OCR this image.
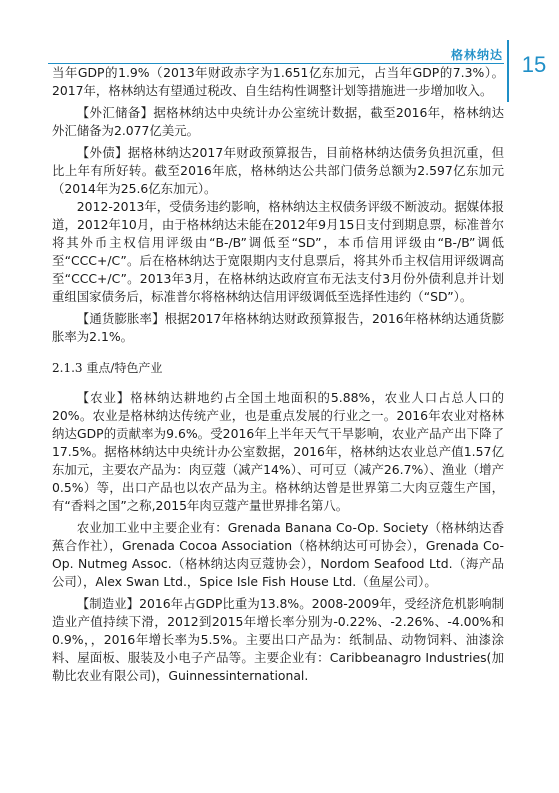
格林纳达 15

当年GDP的1.9%（2013年财政赤字为1.651亿东加元，占当年GDP的7.3%）。2017年，格林纳达有望通过税改、自生结构性调整计划等措施进一步增加收入。

【外汇储备】据格林纳达中央统计办公室统计数据，截至2016年，格林纳达外汇储备为2.077亿美元。

【外债】据格林纳达2017年财政预算报告，目前格林纳达债务负担沉重，但比上年有所好转。截至2016年底，格林纳达公共部门债务总额为2.597亿东加元（2014年为25.6亿东加元）。

2012-2013年，受债务违约影响，格林纳达主权债务评级不断波动。据媒体报道，2012年10月，由于格林纳达未能在2012年9月15日支付到期息票，标准普尔将其外币主权信用评级由“B-/B”调低至“SD”，本币信用评级由“B-/B”调低至“CCC+/C”。后在格林纳达于宽限期内支付息票后，将其外币主权信用评级调高至“CCC+/C”。2013年3月，在格林纳达政府宣布无法支付3月份外债利息并计划重组国家债务后，标准普尔将格林纳达信用评级调低至选择性违约（“SD”）。

【通货膨胀率】根据2017年格林纳达财政预算报告，2016年格林纳达通货膨胀率为2.1%。

2.1.3 重点/特色产业

【农业】格林纳达耕地约占全国土地面积的5.88%，农业人口占总人口的20%。农业是格林纳达传统产业，也是重点发展的行业之一。2016年农业对格林纳达GDP的贡献率为9.6%。受2016年上半年天气干旱影响，农业产品产出下降了17.5%。据格林纳达中央统计办公室数据，2016年，格林纳达农业总产值1.57亿东加元，主要农产品为：肉豆蔻（减产14%）、可可豆（减产26.7%）、渔业（增产0.5%）等，出口产品也以农产品为主。格林纳达曾是世界第二大肉豆蔻生产国，有“香料之国”之称,2015年肉豆蔻产量世界排名第八。

农业加工业中主要企业有：Grenada Banana Co-Op. Society（格林纳达香蕉合作社），Grenada Cocoa Association（格林纳达可可协会），Grenada Co-Op. Nutmeg Assoc.（格林纳达肉豆蔻协会），Nordom Seafood Ltd.（海产品公司），Alex Swan Ltd.，Spice Isle Fish House Ltd.（鱼屋公司）。

【制造业】2016年占GDP比重为13.8%。2008-2009年，受经济危机影响制造业产值持续下滑，2012到2015年增长率分别为-0.22%、-2.26%、-4.00%和0.9%，，2016年增长率为5.5%。主要出口产品为：纸制品、动物饲料、油漆涂料、屋面板、服装及小电子产品等。主要企业有：Caribbeanagro Industries(加勒比农业有限公司)，Guinnessinternational.
